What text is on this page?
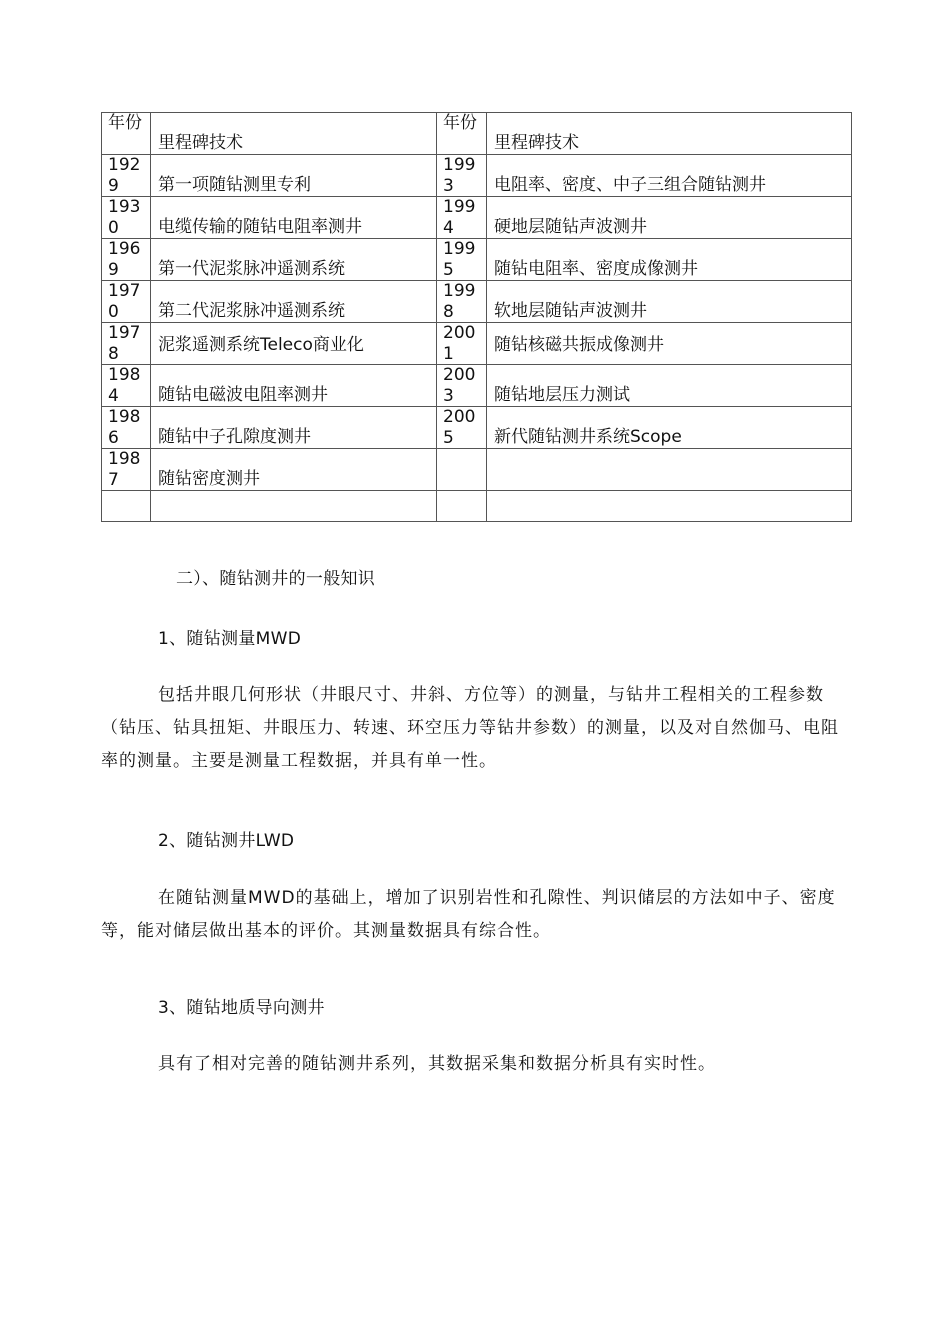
年份	里程碑技术	年份	里程碑技术

1929	第一项随钻测里专利	1993	电阻率、密度、中子三组合随钻测井

1930	电缆传输的随钻电阻率测井	1994	硬地层随钻声波测井

1969	第一代泥浆脉冲遥测系统	1995	随钻电阻率、密度成像测井

1970	第二代泥浆脉冲遥测系统	1998	软地层随钻声波测井

1978	泥浆遥测系统Teleco商业化	2001	随钻核磁共振成像测井

1984	随钻电磁波电阻率测井	2003	随钻地层压力测试

1986	随钻中子孔隙度测井	2005	新代随钻测井系统Scope

1987	随钻密度测井		

二）、随钻测井的一般知识
1、随钻测量MWD
包括井眼几何形状（井眼尺寸、井斜、方位等）的测量，与钻井工程相关的工程参数（钻压、钻具扭矩、井眼压力、转速、环空压力等钻井参数）的测量，以及对自然伽马、电阻率的测量。主要是测量工程数据，并具有单一性。
2、随钻测井LWD
在随钻测量MWD的基础上，增加了识别岩性和孔隙性、判识储层的方法如中子、密度等，能对储层做出基本的评价。其测量数据具有综合性。
3、随钻地质导向测井
具有了相对完善的随钻测井系列，其数据采集和数据分析具有实时性。
